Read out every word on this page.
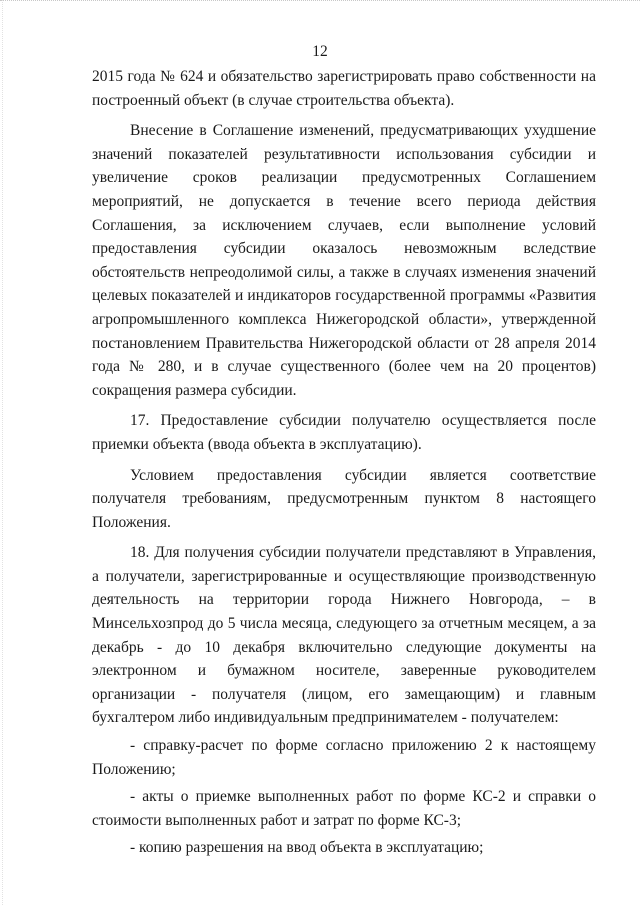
12

2015 года № 624 и обязательство зарегистрировать право собственности на построенный объект (в случае строительства объекта).

Внесение в Соглашение изменений, предусматривающих ухудшение значений показателей результативности использования субсидии и увеличение сроков реализации предусмотренных Соглашением мероприятий, не допускается в течение всего периода действия Соглашения, за исключением случаев, если выполнение условий предоставления субсидии оказалось невозможным вследствие обстоятельств непреодолимой силы, а также в случаях изменения значений целевых показателей и индикаторов государственной программы «Развития агропромышленного комплекса Нижегородской области», утвержденной постановлением Правительства Нижегородской области от 28 апреля 2014 года № 280, и в случае существенного (более чем на 20 процентов) сокращения размера субсидии.

17. Предоставление субсидии получателю осуществляется после приемки объекта (ввода объекта в эксплуатацию).

Условием предоставления субсидии является соответствие получателя требованиям, предусмотренным пунктом 8 настоящего Положения.

18. Для получения субсидии получатели представляют в Управления, а получатели, зарегистрированные и осуществляющие производственную деятельность на территории города Нижнего Новгорода, – в Минсельхозпрод до 5 числа месяца, следующего за отчетным месяцем, а за декабрь - до 10 декабря включительно следующие документы на электронном и бумажном носителе, заверенные руководителем организации - получателя (лицом, его замещающим) и главным бухгалтером либо индивидуальным предпринимателем - получателем:

- справку-расчет по форме согласно приложению 2 к настоящему Положению;

- акты о приемке выполненных работ по форме КС-2 и справки о стоимости выполненных работ и затрат по форме КС-3;

- копию разрешения на ввод объекта в эксплуатацию;
